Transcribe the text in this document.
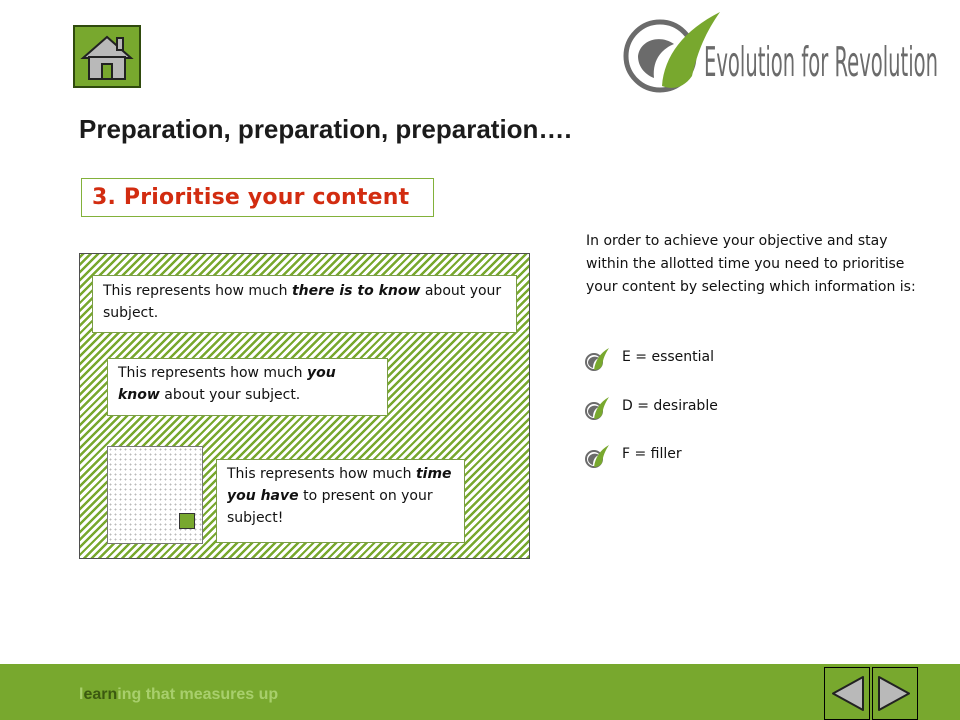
Evolution for Revolution
Preparation, preparation, preparation….
3. Prioritise your content
This represents how much there is to know about your subject.
This represents how much you know about your subject.
This represents how much time you have to present on your subject!

In order to achieve your objective and stay within the allotted time you need to prioritise your content by selecting which information is:

E = essential
D = desirable
F = filler
learning that measures up
